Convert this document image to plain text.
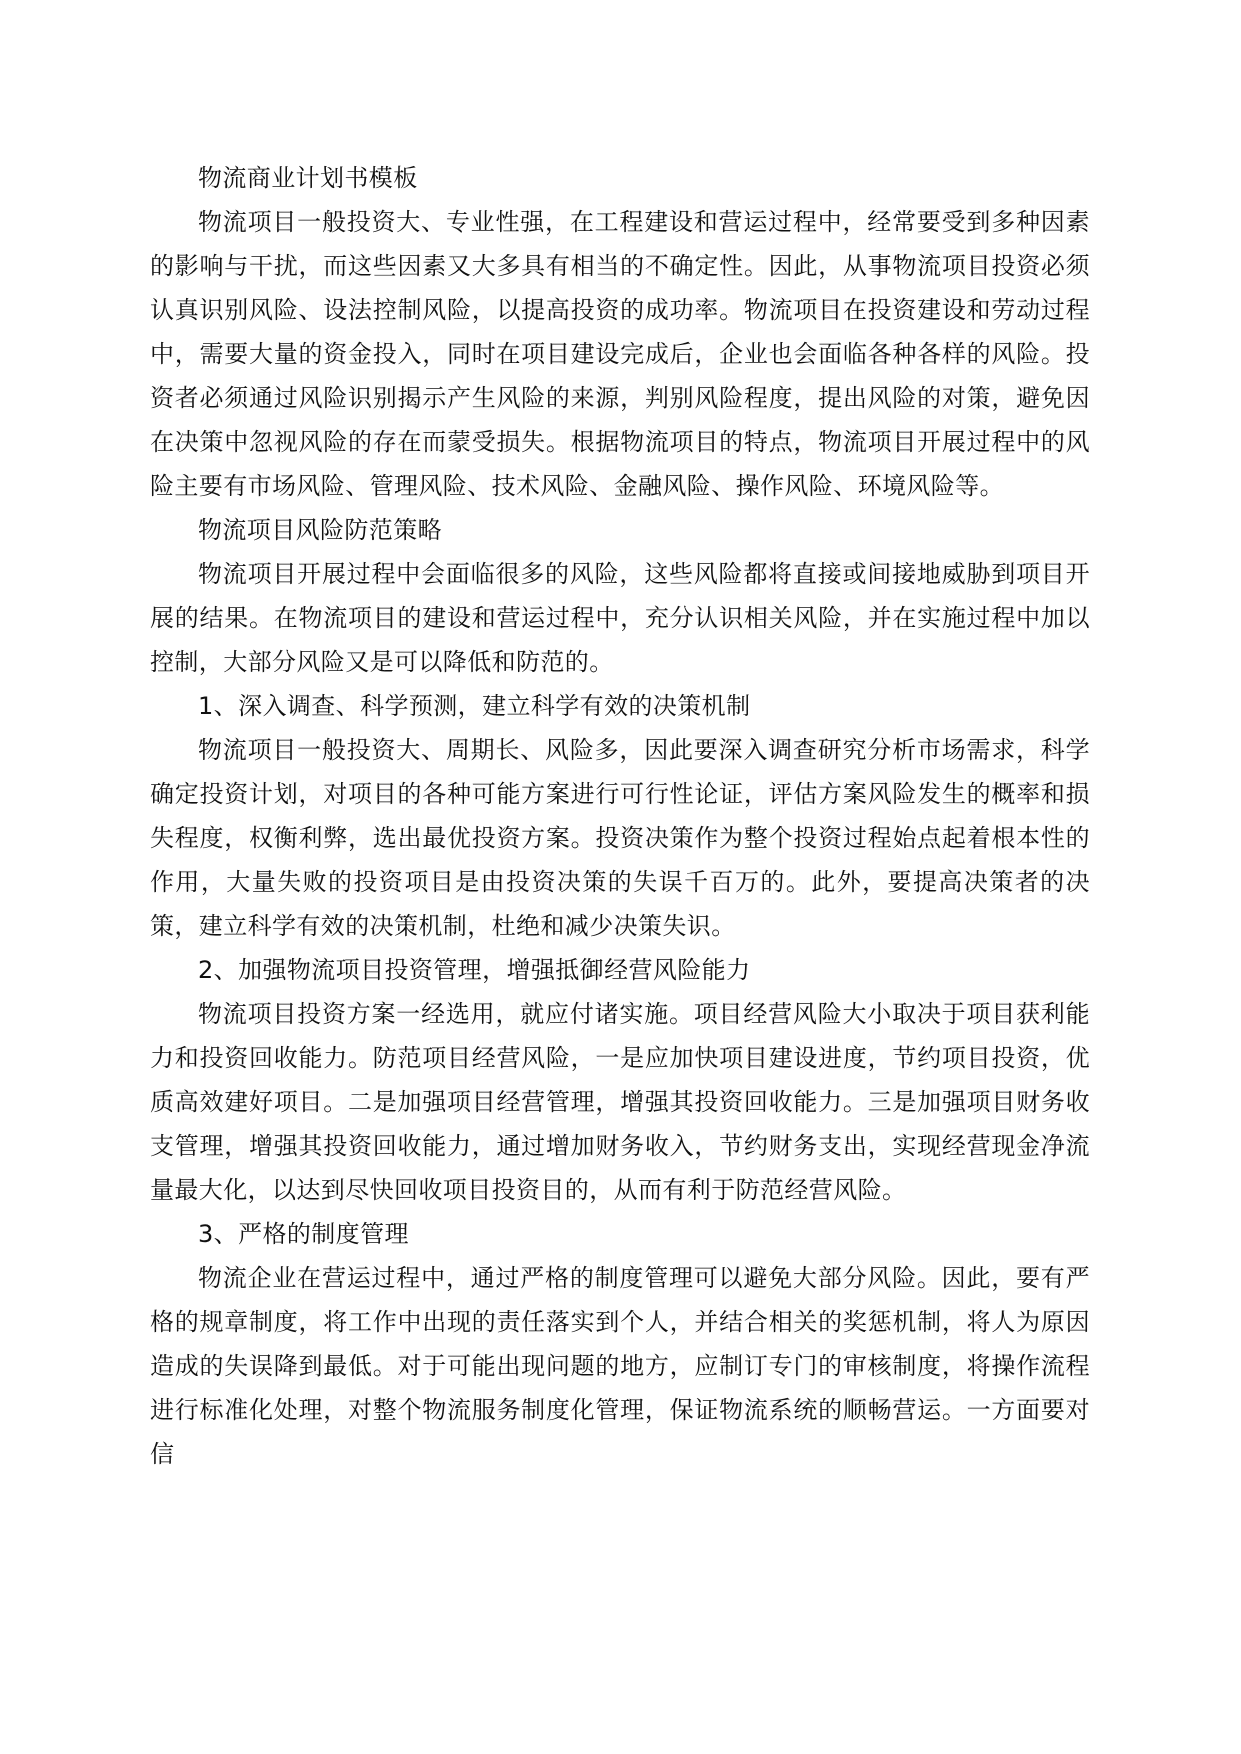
物流商业计划书模板

物流项目一般投资大、专业性强，在工程建设和营运过程中，经常要受到多种因素的影响与干扰，而这些因素又大多具有相当的不确定性。因此，从事物流项目投资必须认真识别风险、设法控制风险，以提高投资的成功率。物流项目在投资建设和劳动过程中，需要大量的资金投入，同时在项目建设完成后，企业也会面临各种各样的风险。投资者必须通过风险识别揭示产生风险的来源，判别风险程度，提出风险的对策，避免因在决策中忽视风险的存在而蒙受损失。根据物流项目的特点，物流项目开展过程中的风险主要有市场风险、管理风险、技术风险、金融风险、操作风险、环境风险等。

物流项目风险防范策略

物流项目开展过程中会面临很多的风险，这些风险都将直接或间接地威胁到项目开展的结果。在物流项目的建设和营运过程中，充分认识相关风险，并在实施过程中加以控制，大部分风险又是可以降低和防范的。

1、深入调查、科学预测，建立科学有效的决策机制

物流项目一般投资大、周期长、风险多，因此要深入调查研究分析市场需求，科学确定投资计划，对项目的各种可能方案进行可行性论证，评估方案风险发生的概率和损失程度，权衡利弊，选出最优投资方案。投资决策作为整个投资过程始点起着根本性的作用，大量失败的投资项目是由投资决策的失误千百万的。此外，要提高决策者的决策，建立科学有效的决策机制，杜绝和减少决策失识。

2、加强物流项目投资管理，增强抵御经营风险能力

物流项目投资方案一经选用，就应付诸实施。项目经营风险大小取决于项目获利能力和投资回收能力。防范项目经营风险，一是应加快项目建设进度，节约项目投资，优质高效建好项目。二是加强项目经营管理，增强其投资回收能力。三是加强项目财务收支管理，增强其投资回收能力，通过增加财务收入，节约财务支出，实现经营现金净流量最大化，以达到尽快回收项目投资目的，从而有利于防范经营风险。

3、严格的制度管理

物流企业在营运过程中，通过严格的制度管理可以避免大部分风险。因此，要有严格的规章制度，将工作中出现的责任落实到个人，并结合相关的奖惩机制，将人为原因造成的失误降到最低。对于可能出现问题的地方，应制订专门的审核制度，将操作流程进行标准化处理，对整个物流服务制度化管理，保证物流系统的顺畅营运。一方面要对信
